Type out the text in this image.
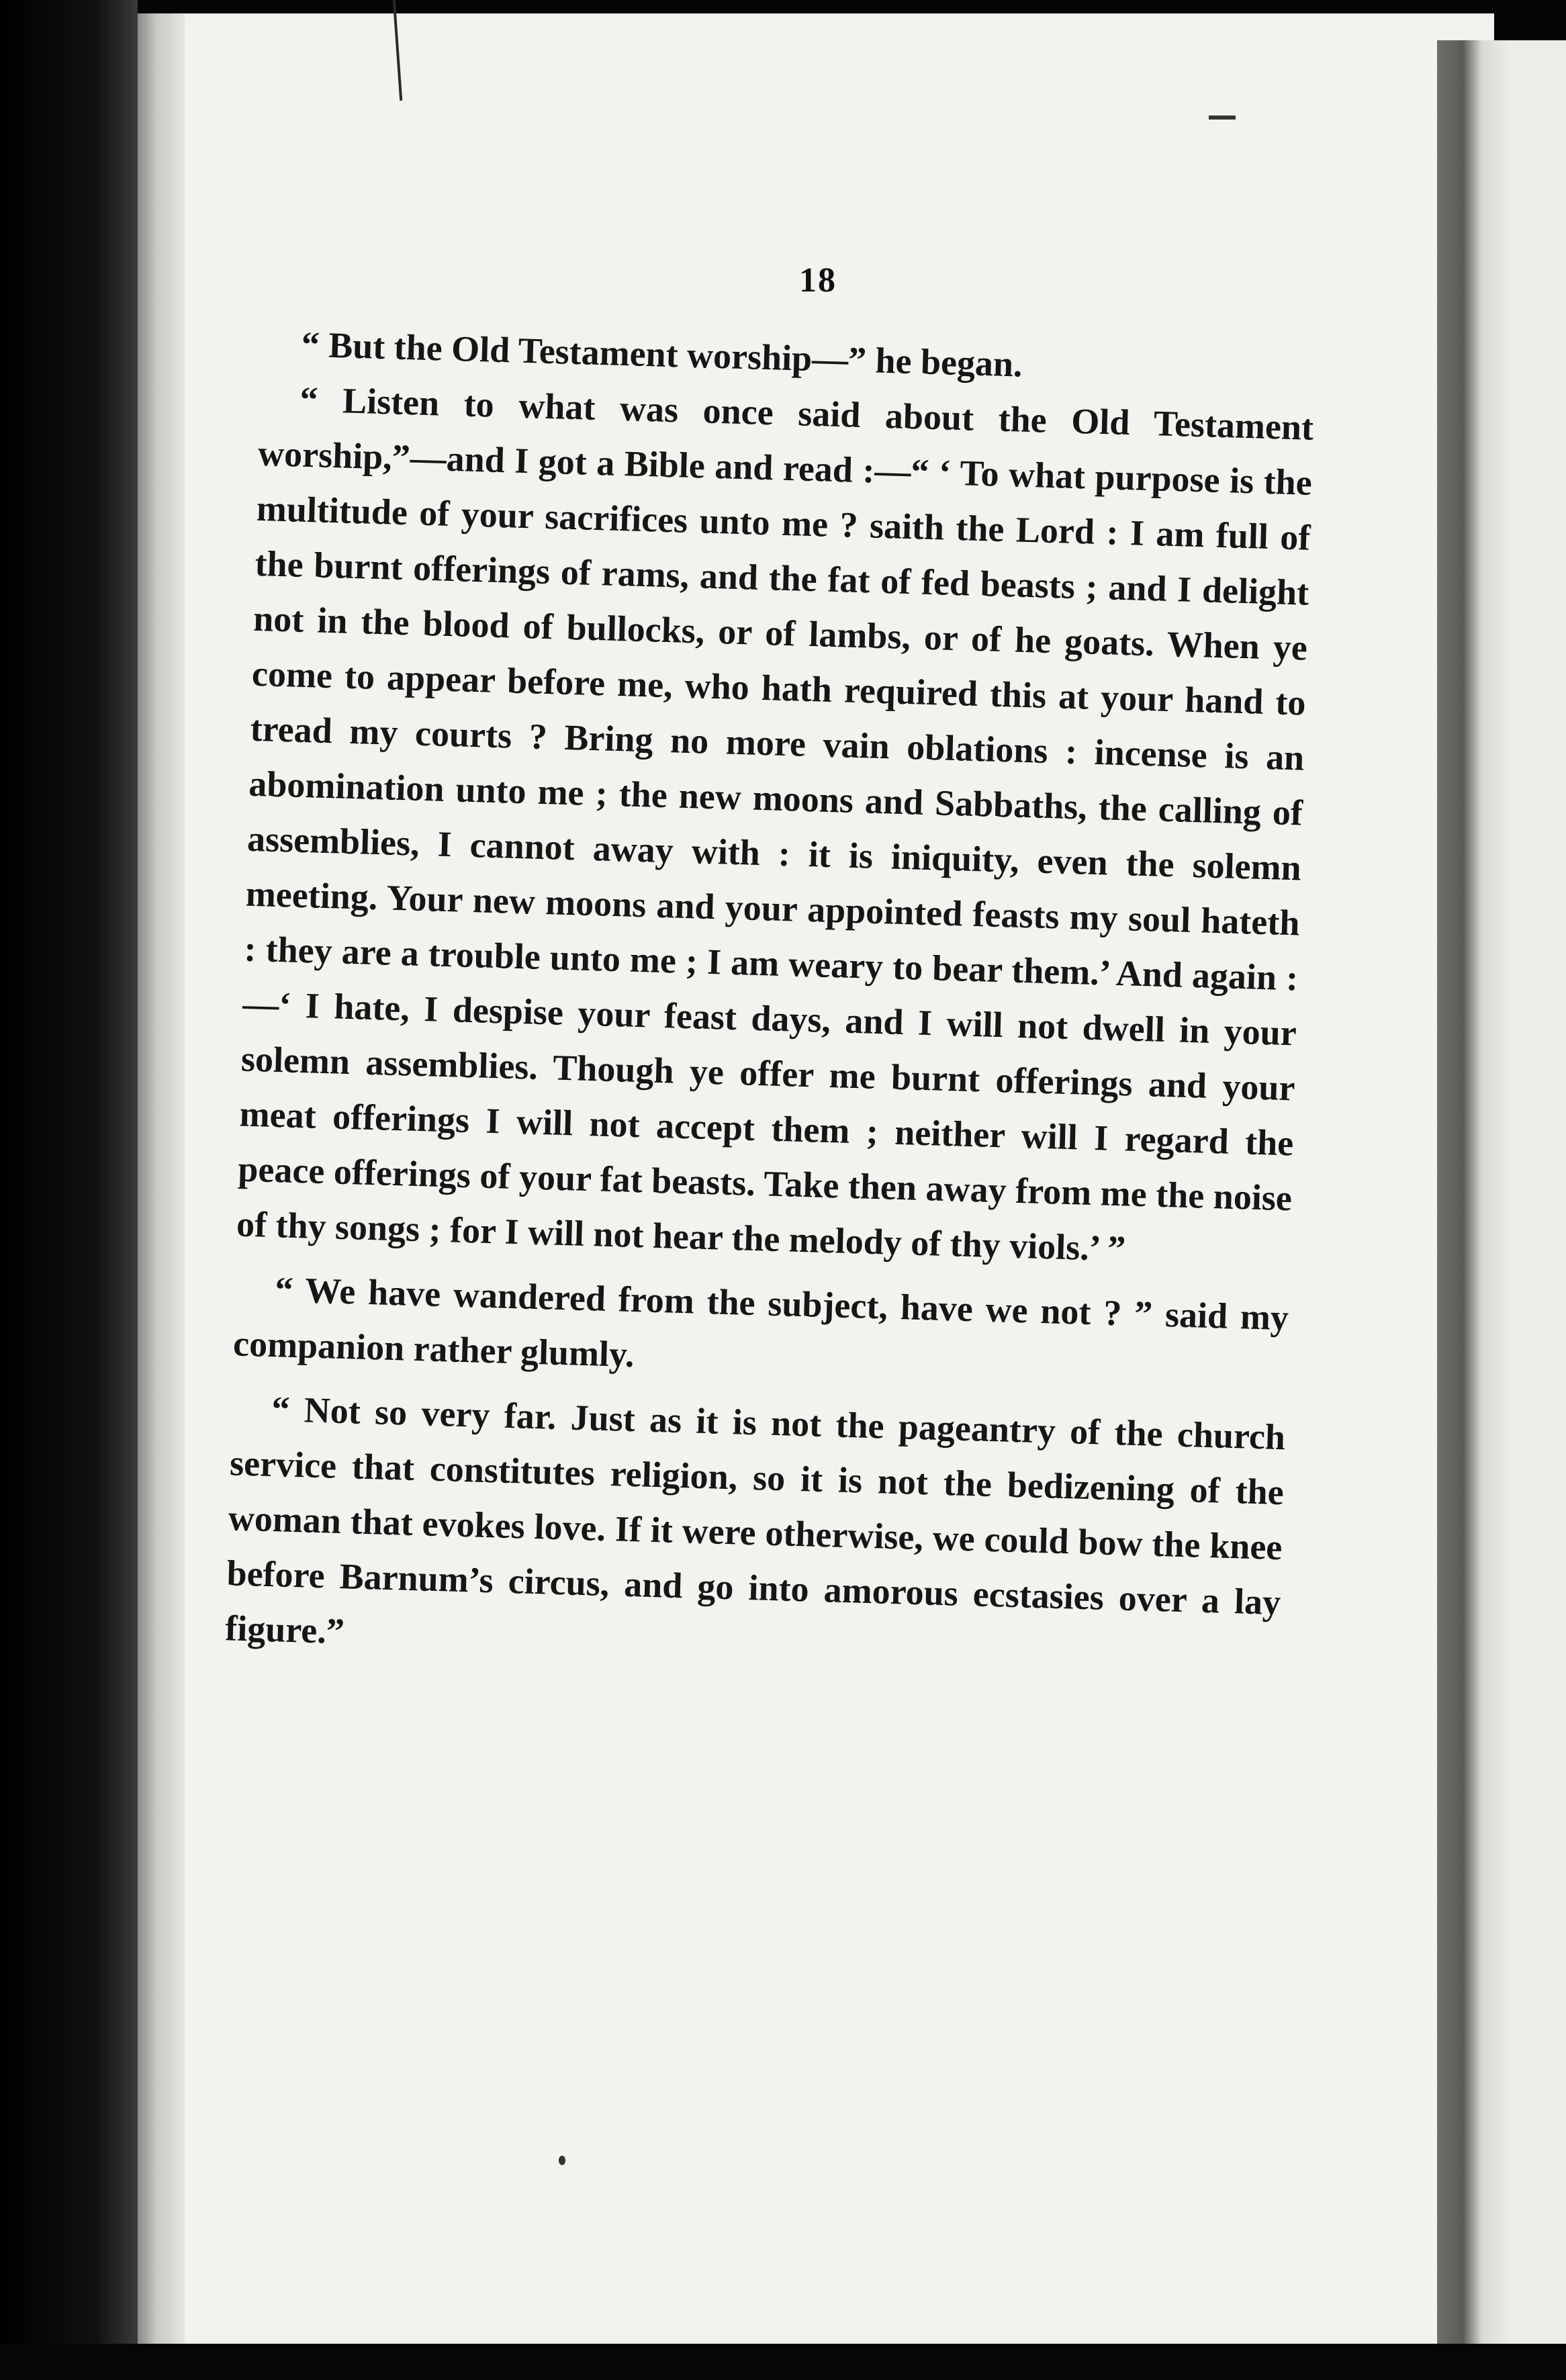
18

“ But the Old Testament worship—” he began.

“ Listen to what was once said about the Old Testament worship,”—and I got a Bible and read :—“ ‘ To what purpose is the multitude of your sacrifices unto me ? saith the Lord : I am full of the burnt offerings of rams, and the fat of fed beasts ; and I delight not in the blood of bullocks, or of lambs, or of he goats. When ye come to appear before me, who hath required this at your hand to tread my courts ? Bring no more vain oblations : incense is an abomination unto me ; the new moons and Sabbaths, the calling of assemblies, I cannot away with : it is iniquity, even the solemn meeting. Your new moons and your appointed feasts my soul hateth : they are a trouble unto me ; I am weary to bear them.’ And again :—‘ I hate, I despise your feast days, and I will not dwell in your solemn assemblies. Though ye offer me burnt offerings and your meat offerings I will not accept them ; neither will I regard the peace offerings of your fat beasts. Take then away from me the noise of thy songs ; for I will not hear the melody of thy viols.’ ”

“ We have wandered from the subject, have we not ? ” said my companion rather glumly.

“ Not so very far. Just as it is not the pageantry of the church service that constitutes religion, so it is not the bedizening of the woman that evokes love. If it were otherwise, we could bow the knee before Barnum’s circus, and go into amorous ecstasies over a lay figure.”
